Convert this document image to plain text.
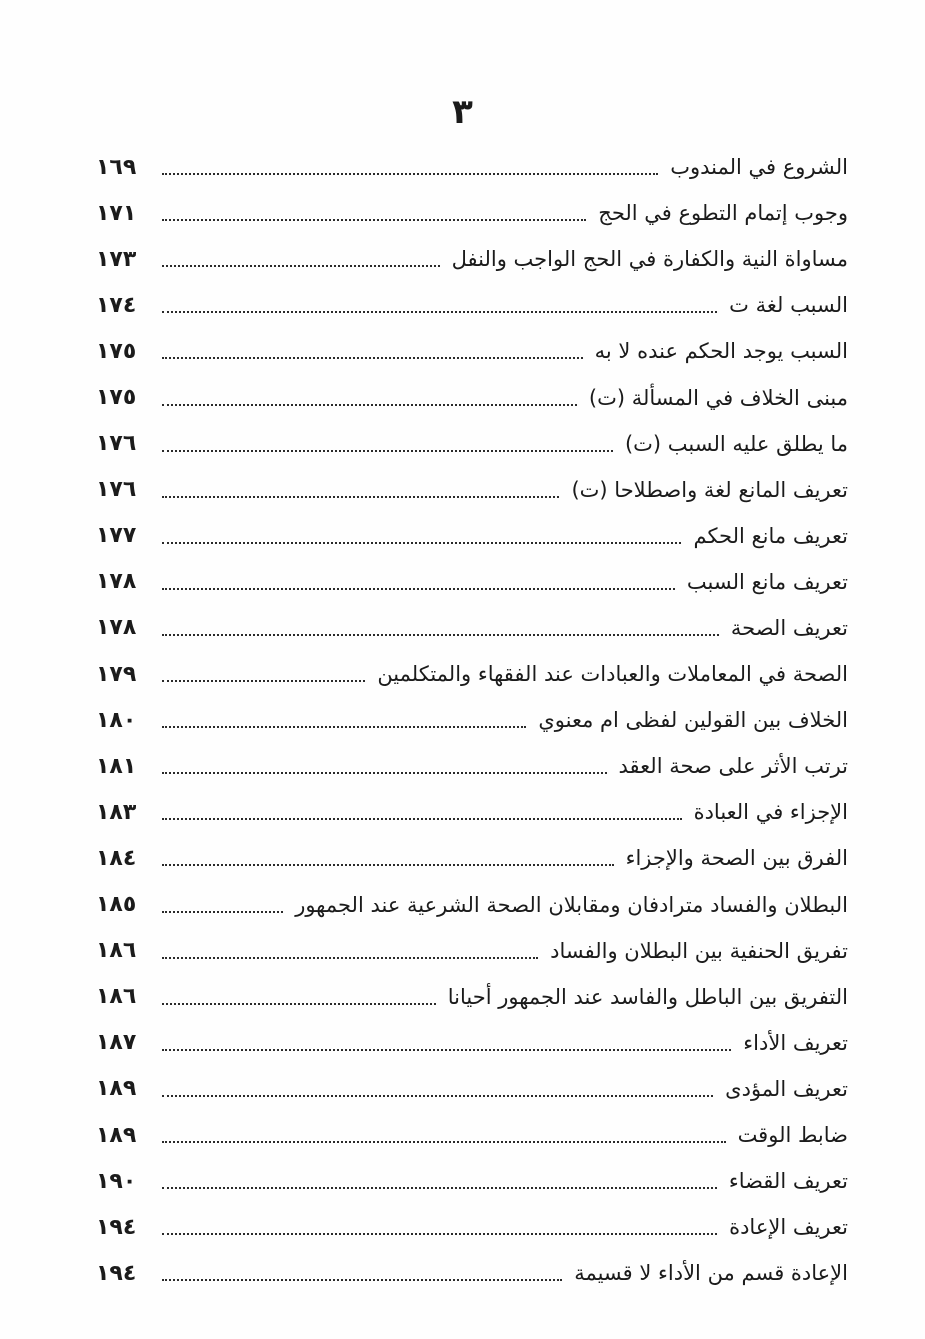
٣
الشروع في المندوب
١٦٩
وجوب إتمام التطوع في الحج
١٧١
مساواة النية والكفارة في الحج الواجب والنفل
١٧٣
السبب لغة ت
١٧٤
السبب يوجد الحكم عنده لا به
١٧٥
مبنى الخلاف في المسألة (ت)
١٧٥
ما يطلق عليه السبب (ت)
١٧٦
تعريف المانع لغة واصطلاحا (ت)
١٧٦
تعريف مانع الحكم
١٧٧
تعريف مانع السبب
١٧٨
تعريف الصحة
١٧٨
الصحة في المعاملات والعبادات عند الفقهاء والمتكلمين
١٧٩
الخلاف بين القولين لفظى ام معنوي
١٨٠
ترتب الأثر على صحة العقد
١٨١
الإجزاء في العبادة
١٨٣
الفرق بين الصحة والإجزاء
١٨٤
البطلان والفساد مترادفان ومقابلان الصحة الشرعية عند الجمهور
١٨٥
تفريق الحنفية بين البطلان والفساد
١٨٦
التفريق بين الباطل والفاسد عند الجمهور أحيانا
١٨٦
تعريف الأداء
١٨٧
تعريف المؤدى
١٨٩
ضابط الوقت
١٨٩
تعريف القضاء
١٩٠
تعريف الإعادة
١٩٤
الإعادة قسم من الأداء لا قسيمة
١٩٤
